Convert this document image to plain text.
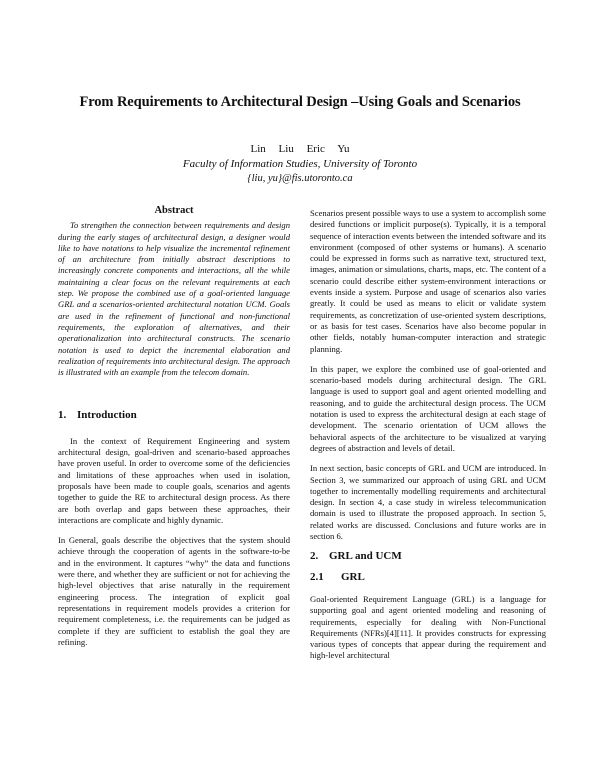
From Requirements to Architectural Design –Using Goals and Scenarios
Lin Liu Eric Yu
Faculty of Information Studies, University of Toronto
{liu, yu}@fis.utoronto.ca
Abstract

To strengthen the connection between requirements and design during the early stages of architectural design, a designer would like to have notations to help visualize the incremental refinement of an architecture from initially abstract descriptions to increasingly concrete components and interactions, all the while maintaining a clear focus on the relevant requirements at each step. We propose the combined use of a goal-oriented language GRL and a scenarios-oriented architectural notation UCM. Goals are used in the refinement of functional and non-functional requirements, the exploration of alternatives, and their operationalization into architectural constructs. The scenario notation is used to depict the incremental elaboration and realization of requirements into architectural design. The approach is illustrated with an example from the telecom domain.

1. Introduction

In the context of Requirement Engineering and system architectural design, goal-driven and scenario-based approaches have proven useful. In order to overcome some of the deficiencies and limitations of these approaches when used in isolation, proposals have been made to couple goals, scenarios and agents together to guide the RE to architectural design process. As there are both overlap and gaps between these approaches, their interactions are complicate and highly dynamic.

In General, goals describe the objectives that the system should achieve through the cooperation of agents in the software-to-be and in the environment. It captures “why” the data and functions were there, and whether they are sufficient or not for achieving the high-level objectives that arise naturally in the requirement engineering process. The integration of explicit goal representations in requirement models provides a criterion for requirement completeness, i.e. the requirements can be judged as complete if they are sufficient to establish the goal they are refining.

Scenarios present possible ways to use a system to accomplish some desired functions or implicit purpose(s). Typically, it is a temporal sequence of interaction events between the intended software and its environment (composed of other systems or humans). A scenario could be expressed in forms such as narrative text, structured text, images, animation or simulations, charts, maps, etc. The content of a scenario could describe either system-environment interactions or events inside a system. Purpose and usage of scenarios also varies greatly. It could be used as means to elicit or validate system requirements, as concretization of use-oriented system descriptions, or as basis for test cases. Scenarios have also become popular in other fields, notably human-computer interaction and strategic planning.

In this paper, we explore the combined use of goal-oriented and scenario-based models during architectural design. The GRL language is used to support goal and agent oriented modelling and reasoning, and to guide the architectural design process. The UCM notation is used to express the architectural design at each stage of development. The scenario orientation of UCM allows the behavioral aspects of the architecture to be visualized at varying degrees of abstraction and levels of detail.

In next section, basic concepts of GRL and UCM are introduced. In Section 3, we summarized our approach of using GRL and UCM together to incrementally modelling requirements and architectural design. In section 4, a case study in wireless telecommunication domain is used to illustrate the proposed approach. In section 5, related works are discussed. Conclusions and future works are in section 6.

2. GRL and UCM
2.1 GRL

Goal-oriented Requirement Language (GRL) is a language for supporting goal and agent oriented modeling and reasoning of requirements, especially for dealing with Non-Functional Requirements (NFRs)[4][11]. It provides constructs for expressing various types of concepts that appear during the requirement and high-level architectural
